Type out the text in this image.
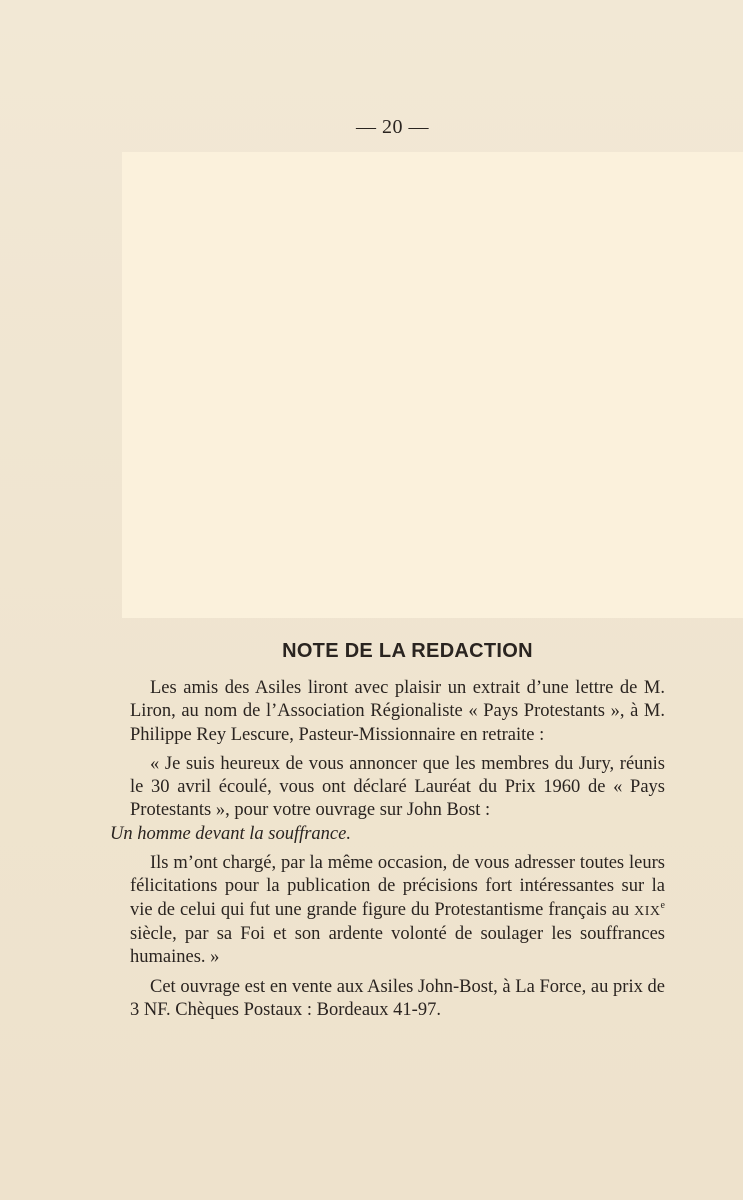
— 20 —
NOTE DE LA REDACTION

Les amis des Asiles liront avec plaisir un extrait d’une lettre de M. Liron, au nom de l’Association Régionaliste « Pays Protestants », à M. Philippe Rey Lescure, Pasteur-Missionnaire en retraite :

« Je suis heureux de vous annoncer que les membres du Jury, réunis le 30 avril écoulé, vous ont déclaré Lauréat du Prix 1960 de « Pays Protestants », pour votre ouvrage sur John Bost :
Un homme devant la souffrance.

Ils m’ont chargé, par la même occasion, de vous adresser toutes leurs félicitations pour la publication de précisions fort intéressantes sur la vie de celui qui fut une grande figure du Protestantisme français au XIXe siècle, par sa Foi et son ardente volonté de soulager les souffrances humaines. »

Cet ouvrage est en vente aux Asiles John-Bost, à La Force, au prix de 3 NF. Chèques Postaux : Bordeaux 41-97.
